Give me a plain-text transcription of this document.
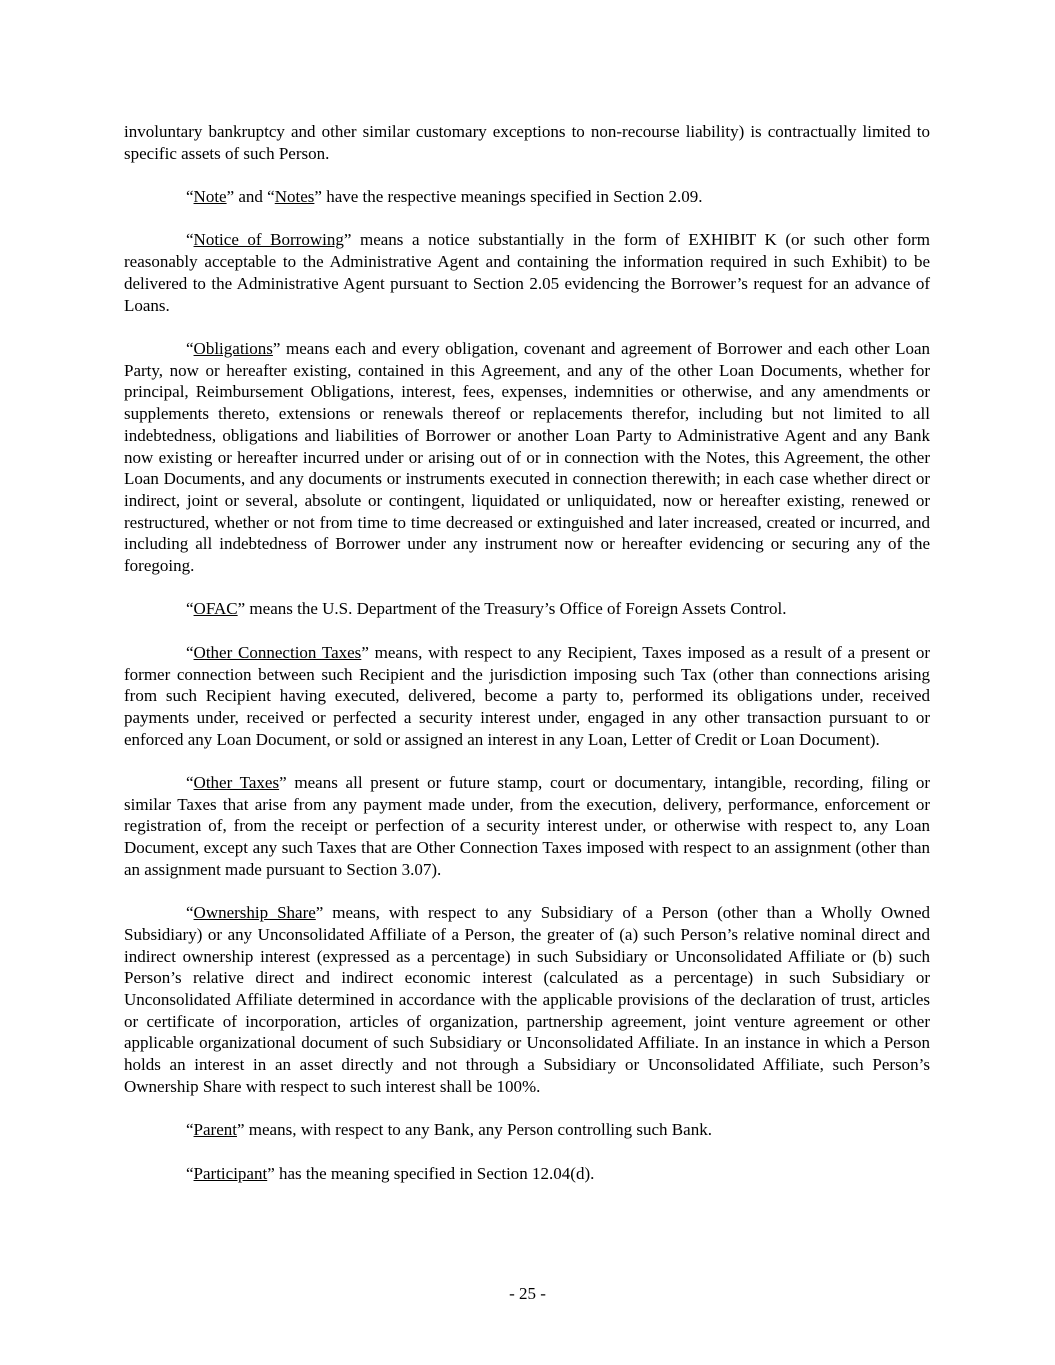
involuntary bankruptcy and other similar customary exceptions to non-recourse liability) is contractually limited to specific assets of such Person.

“Note” and “Notes” have the respective meanings specified in Section 2.09.

“Notice of Borrowing” means a notice substantially in the form of EXHIBIT K (or such other form reasonably acceptable to the Administrative Agent and containing the information required in such Exhibit) to be delivered to the Administrative Agent pursuant to Section 2.05 evidencing the Borrower’s request for an advance of Loans.

“Obligations” means each and every obligation, covenant and agreement of Borrower and each other Loan Party, now or hereafter existing, contained in this Agreement, and any of the other Loan Documents, whether for principal, Reimbursement Obligations, interest, fees, expenses, indemnities or otherwise, and any amendments or supplements thereto, extensions or renewals thereof or replacements therefor, including but not limited to all indebtedness, obligations and liabilities of Borrower or another Loan Party to Administrative Agent and any Bank now existing or hereafter incurred under or arising out of or in connection with the Notes, this Agreement, the other Loan Documents, and any documents or instruments executed in connection therewith; in each case whether direct or indirect, joint or several, absolute or contingent, liquidated or unliquidated, now or hereafter existing, renewed or restructured, whether or not from time to time decreased or extinguished and later increased, created or incurred, and including all indebtedness of Borrower under any instrument now or hereafter evidencing or securing any of the foregoing.

“OFAC” means the U.S. Department of the Treasury’s Office of Foreign Assets Control.

“Other Connection Taxes” means, with respect to any Recipient, Taxes imposed as a result of a present or former connection between such Recipient and the jurisdiction imposing such Tax (other than connections arising from such Recipient having executed, delivered, become a party to, performed its obligations under, received payments under, received or perfected a security interest under, engaged in any other transaction pursuant to or enforced any Loan Document, or sold or assigned an interest in any Loan, Letter of Credit or Loan Document).

“Other Taxes” means all present or future stamp, court or documentary, intangible, recording, filing or similar Taxes that arise from any payment made under, from the execution, delivery, performance, enforcement or registration of, from the receipt or perfection of a security interest under, or otherwise with respect to, any Loan Document, except any such Taxes that are Other Connection Taxes imposed with respect to an assignment (other than an assignment made pursuant to Section 3.07).

“Ownership Share” means, with respect to any Subsidiary of a Person (other than a Wholly Owned Subsidiary) or any Unconsolidated Affiliate of a Person, the greater of (a) such Person’s relative nominal direct and indirect ownership interest (expressed as a percentage) in such Subsidiary or Unconsolidated Affiliate or (b) such Person’s relative direct and indirect economic interest (calculated as a percentage) in such Subsidiary or Unconsolidated Affiliate determined in accordance with the applicable provisions of the declaration of trust, articles or certificate of incorporation, articles of organization, partnership agreement, joint venture agreement or other applicable organizational document of such Subsidiary or Unconsolidated Affiliate. In an instance in which a Person holds an interest in an asset directly and not through a Subsidiary or Unconsolidated Affiliate, such Person’s Ownership Share with respect to such interest shall be 100%.

“Parent” means, with respect to any Bank, any Person controlling such Bank.

“Participant” has the meaning specified in Section 12.04(d).

- 25 -
